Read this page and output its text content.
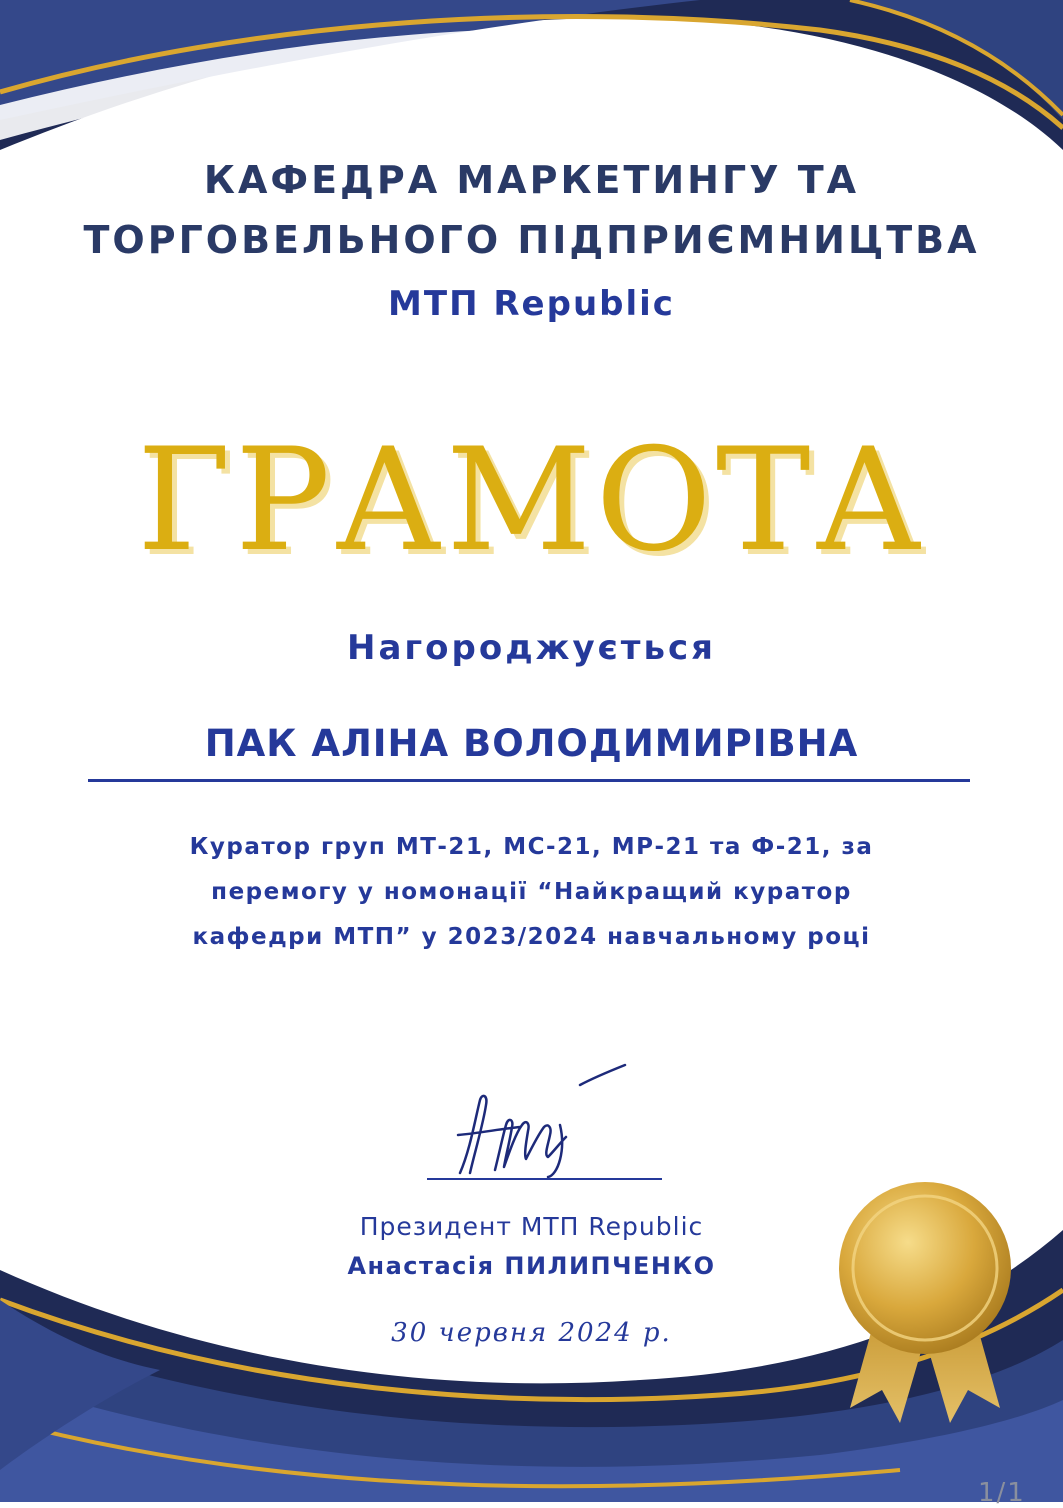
КАФЕДРА МАРКЕТИНГУ ТА
ТОРГОВЕЛЬНОГО ПІДПРИЄМНИЦТВА
МТП Republic
ГРАМОТА
Нагороджується
ПАК АЛІНА ВОЛОДИМИРІВНА
Куратор груп МТ-21, МС-21, МР-21 та Ф-21, за
перемогу у номонації “Найкращий куратор
кафедри МТП” у 2023/2024 навчальному році
Президент МТП Republic
Анастасія ПИЛИПЧЕНКО
30 червня 2024 р.
1/1
